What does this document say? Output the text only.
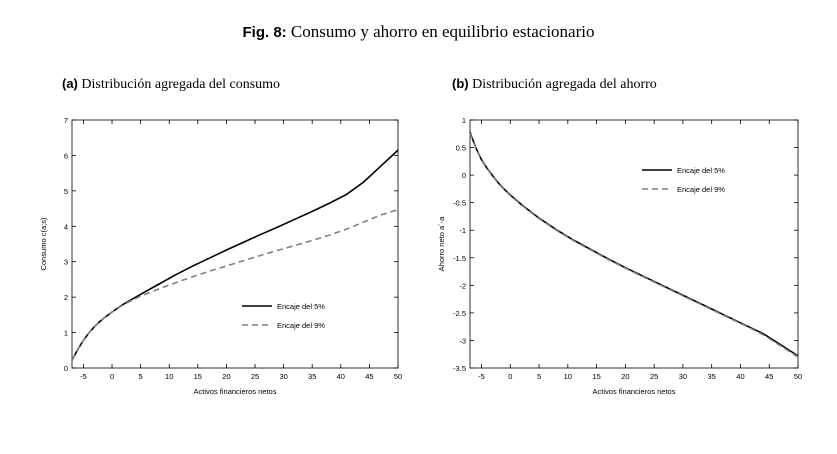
Fig. 8: Consumo y ahorro en equilibrio estacionario
(a) Distribución agregada del consumo	(b) Distribución agregada del ahorro
-5	0	5	10	15	20	25	30	35	40	45	50
0
1
2
3
4
5
6
7
Activos financieros netos
Consumo c(a;s)
Encaje del 5%
Encaje del 9%
-5	0	5	10	15	20	25	30	35	40	45	50
-3.5
-3
-2.5
-2
-1.5
-1
-0.5
0
0.5
1
Activos financieros netos
Ahorro neto a´-a
Encaje del 5%
Encaje del 9%
